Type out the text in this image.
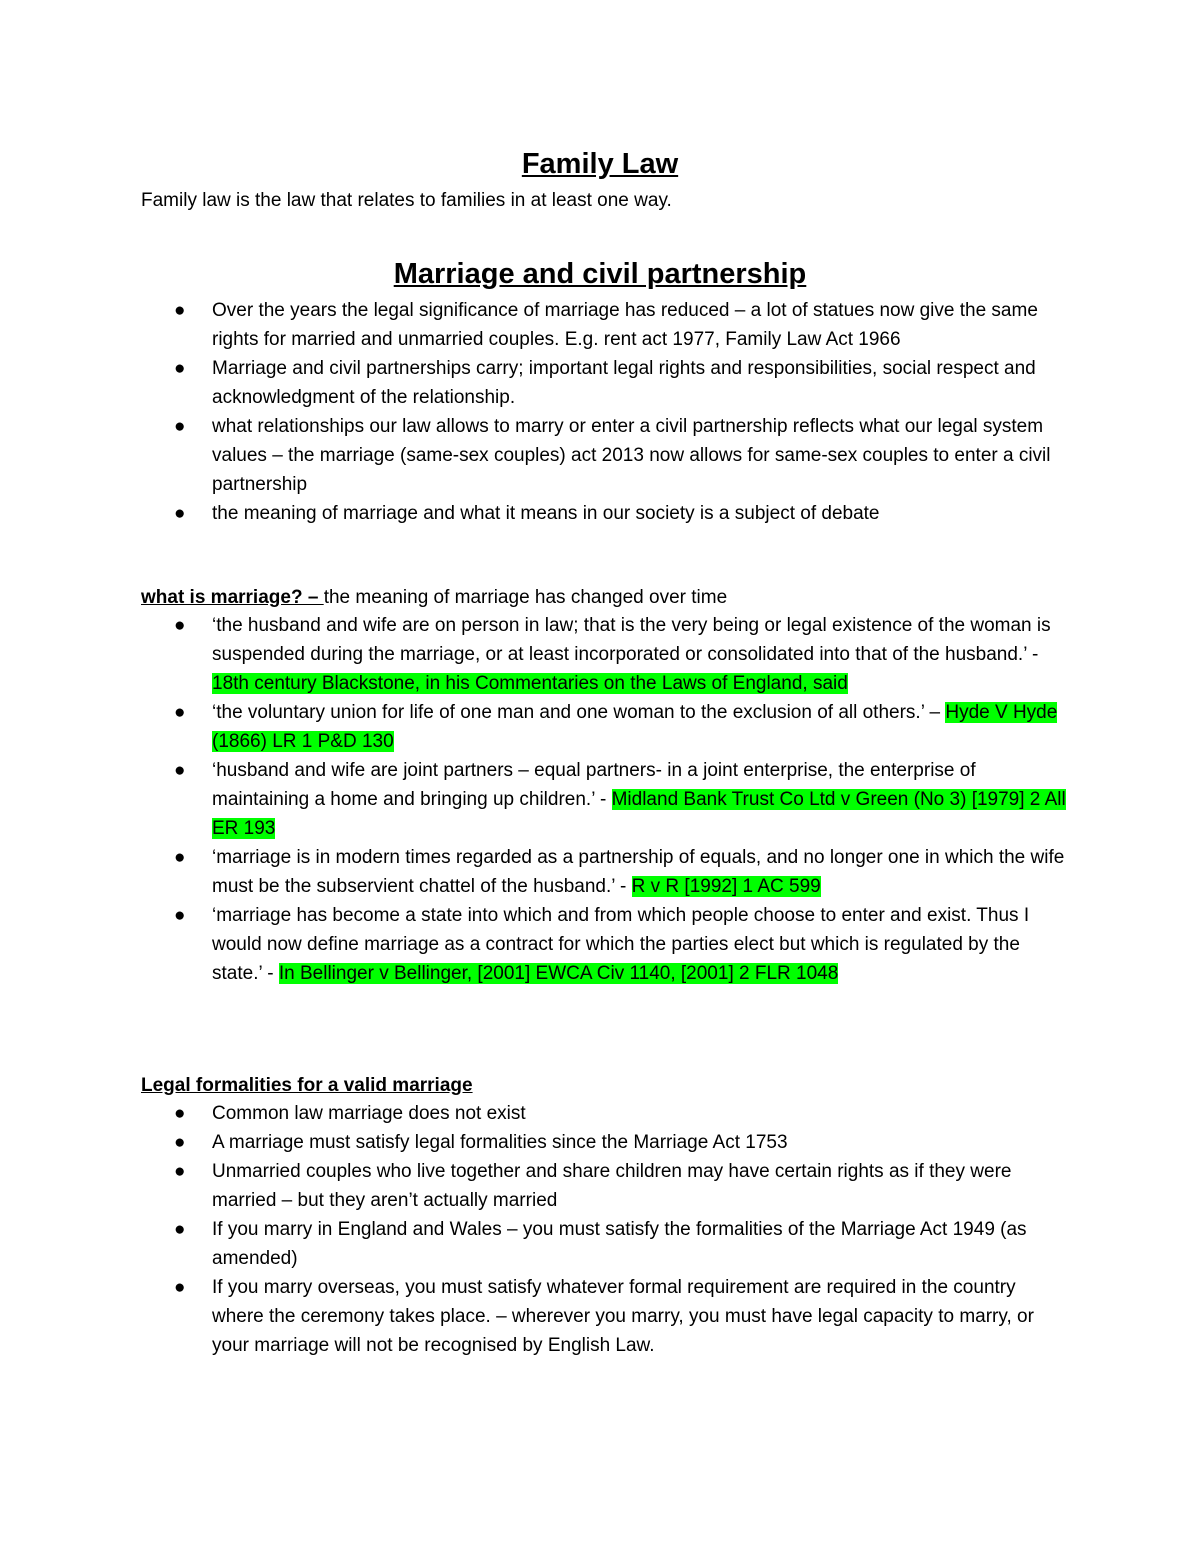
Family Law

Family law is the law that relates to families in at least one way.

Marriage and civil partnership
● Over the years the legal significance of marriage has reduced – a lot of statues now give the same rights for married and unmarried couples. E.g. rent act 1977, Family Law Act 1966
● Marriage and civil partnerships carry; important legal rights and responsibilities, social respect and acknowledgment of the relationship.
● what relationships our law allows to marry or enter a civil partnership reflects what our legal system values – the marriage (same-sex couples) act 2013 now allows for same-sex couples to enter a civil partnership
● the meaning of marriage and what it means in our society is a subject of debate

what is marriage? – the meaning of marriage has changed over time

● ‘the husband and wife are on person in law; that is the very being or legal existence of the woman is suspended during the marriage, or at least incorporated or consolidated into that of the husband.’ - 18th century Blackstone, in his Commentaries on the Laws of England, said
● ‘the voluntary union for life of one man and one woman to the exclusion of all others.’ – Hyde V Hyde (1866) LR 1 P&D 130
● ‘husband and wife are joint partners – equal partners- in a joint enterprise, the enterprise of maintaining a home and bringing up children.’ - Midland Bank Trust Co Ltd v Green (No 3) [1979] 2 All ER 193
● ‘marriage is in modern times regarded as a partnership of equals, and no longer one in which the wife must be the subservient chattel of the husband.’ - R v R [1992] 1 AC 599
● ‘marriage has become a state into which and from which people choose to enter and exist. Thus I would now define marriage as a contract for which the parties elect but which is regulated by the state.’ - In Bellinger v Bellinger, [2001] EWCA Civ 1140, [2001] 2 FLR 1048

Legal formalities for a valid marriage

● Common law marriage does not exist
● A marriage must satisfy legal formalities since the Marriage Act 1753
● Unmarried couples who live together and share children may have certain rights as if they were married – but they aren’t actually married
● If you marry in England and Wales – you must satisfy the formalities of the Marriage Act 1949 (as amended)
● If you marry overseas, you must satisfy whatever formal requirement are required in the country where the ceremony takes place. – wherever you marry, you must have legal capacity to marry, or your marriage will not be recognised by English Law.
